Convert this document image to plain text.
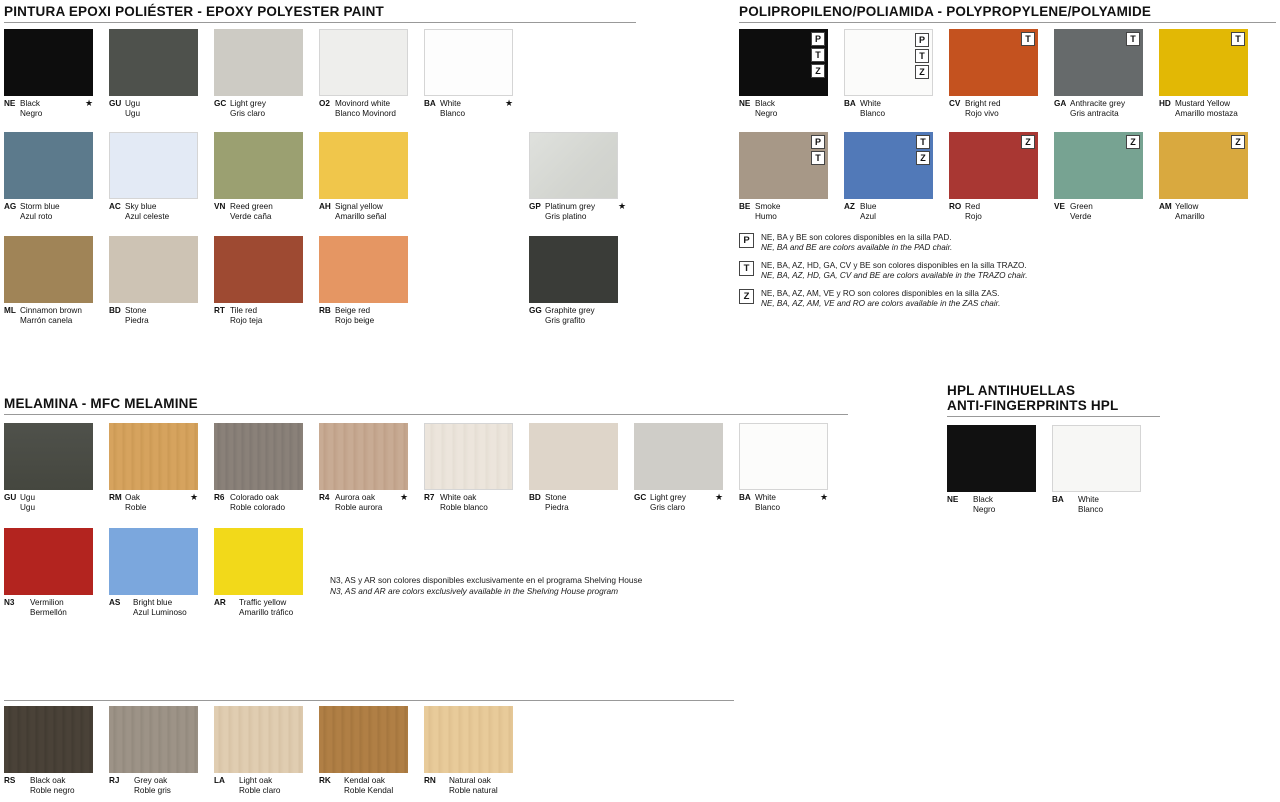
PINTURA EPOXI POLIÉSTER - EPOXY POLYESTER PAINT
NE Black
Negro
★ GU Ugu
Ugu
GC Light grey
Gris claro
O2 Movinord white
Blanco Movinord
BA White
Blanco
★
AG Storm blue
Azul roto
AC Sky blue
Azul celeste
VN Reed green
Verde caña
AH Signal yellow
Amarillo señal
GP Platinum grey
Gris platino
★
ML Cinnamon brown
Marrón canela
BD Stone
Piedra
RT Tile red
Rojo teja
RB Beige red
Rojo beige
GG Graphite grey
Gris grafito
POLIPROPILENO/POLIAMIDA - POLYPROPYLENE/POLYAMIDE
P
T
Z
NE Black
Negro
P
T
Z
BA White
Blanco
T
CV Bright red
Rojo vivo
T
GA Anthracite grey
Gris antracita
T
HD Mustard Yellow
Amarillo mostaza
P
T
BE Smoke
Humo
T
Z
AZ Blue
Azul
Z
RO Red
Rojo
Z
VE Green
Verde
Z
AM Yellow
Amarillo
P	NE, BA y BE son colores disponibles en la silla PAD.
NE, BA and BE are colors available in the PAD chair.
T	NE, BA, AZ, HD, GA, CV y BE son colores disponibles en la silla TRAZO.
NE, BA, AZ, HD, GA, CV and BE are colors available in the TRAZO chair.
Z	NE, BA, AZ, AM, VE y RO son colores disponibles en la silla ZAS.
NE, BA, AZ, AM, VE and RO are colors available in the ZAS chair.
MELAMINA - MFC MELAMINE
GU Ugu
Ugu
RM Oak
Roble
★ R6 Colorado oak
Roble colorado
R4 Aurora oak
Roble aurora
★ R7 White oak
Roble blanco
BD Stone
Piedra
GC Light grey
Gris claro
★ BA White
Blanco
★
N3 Vermilion
Bermellón
AS Bright blue
Azul Luminoso
AR Traffic yellow
Amarillo tráfico
N3, AS y AR son colores disponibles exclusivamente en el programa Shelving House
N3, AS and AR are colors exclusively available in the Shelving House program
RS Black oak
Roble negro
RJ Grey oak
Roble gris
LA Light oak
Roble claro
RK Kendal oak
Roble Kendal
RN Natural oak
Roble natural
HPL ANTIHUELLAS
ANTI-FINGERPRINTS HPL
NE Black
Negro
BA White
Blanco
